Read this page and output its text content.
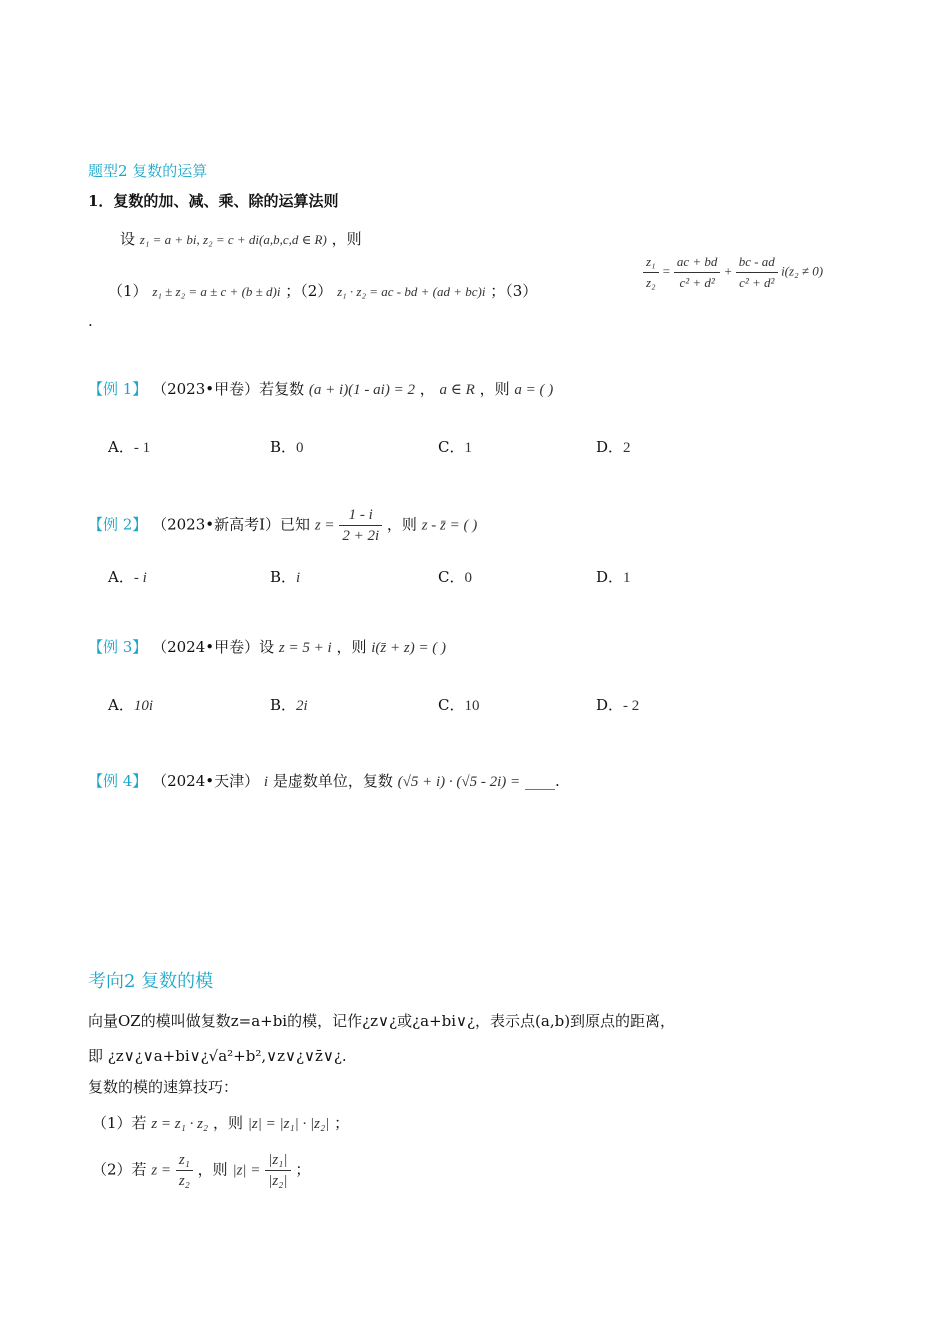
题型2 复数的运算
1．复数的加、减、乘、除的运算法则
设 z₁ = a + bi, z₂ = c + di(a,b,c,d ∈ R) ，则
（1） z₁ ± z₂ = a ± c + (b ± d)i ；（2） z₁ · z₂ = ac - bd + (ad + bc)i ；（3）	$\frac{\text{z₁}}{\text{z₂}} = \frac{ac + bd}{\text{c² + d²}} + \frac{bc - ad}{\text{c² + d²}} i(z_2 \ne 0)$
.
【例 1】 （2023•甲卷）若复数 (a + i)(1 - ai) = 2 ， a ∈ R ，则 a = ( )
A．- 1	B．0	C．1	D．2
【例 2】 （2023•新高考Ⅰ）已知 $z = \frac{1 - i}{2 + 2i}$ ，则 z - z̄ = ( )
A．- i	B．i	C．0	D．1
【例 3】 （2024•甲卷）设 z = 5 + i ，则 i(z̄ + z) = ( )
A．10i	B．2i	C．10	D．- 2
【例 4】 （2024•天津） i 是虚数单位，复数 (√5 + i) · (√5 - 2i) = ____.
考向2 复数的模
向量OZ的模叫做复数z=a+bi的模，记作¿z∨¿或¿a+bi∨¿，表示点(a,b)到原点的距离，
即 ¿z∨¿∨a+bi∨¿√a²+b²,∨z∨¿∨z̄∨¿.
复数的模的速算技巧：
（1）若 z = z₁ · z₂ ，则 |z| = |z₁| · |z₂| ；
（2）若 $z = \frac{\text{z₁}}{\text{z₂}}$ ，则 $|z| = \frac{\text{|z₁|}}{\text{|z₂|}}$ ；
